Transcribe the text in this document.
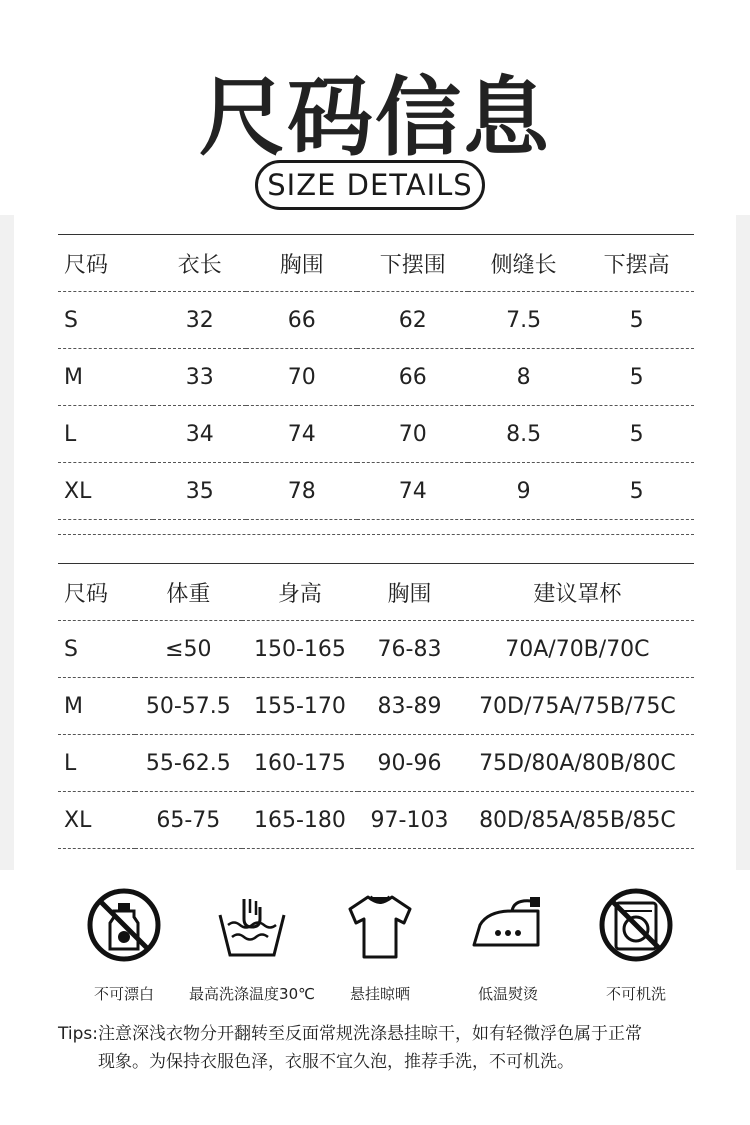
尺码信息
SIZE DETAILS
尺码	衣长	胸围	下摆围	侧缝长	下摆高
S	32	66	62	7.5	5
M	33	70	66	8	5
L	34	74	70	8.5	5
XL	35	78	74	9	5
尺码	体重	身高	胸围	建议罩杯
S	≤50	150-165	76-83	70A/70B/70C
M	50-57.5	155-170	83-89	70D/75A/75B/75C
L	55-62.5	160-175	90-96	75D/80A/80B/80C
XL	65-75	165-180	97-103	80D/85A/85B/85C
不可漂白 最高洗涤温度30℃ 悬挂晾晒	低温熨烫	不可机洗
Tips:注意深浅衣物分开翻转至反面常规洗涤悬挂晾干，如有轻微浮色属于正常
现象。为保持衣服色泽，衣服不宜久泡，推荐手洗，不可机洗。
